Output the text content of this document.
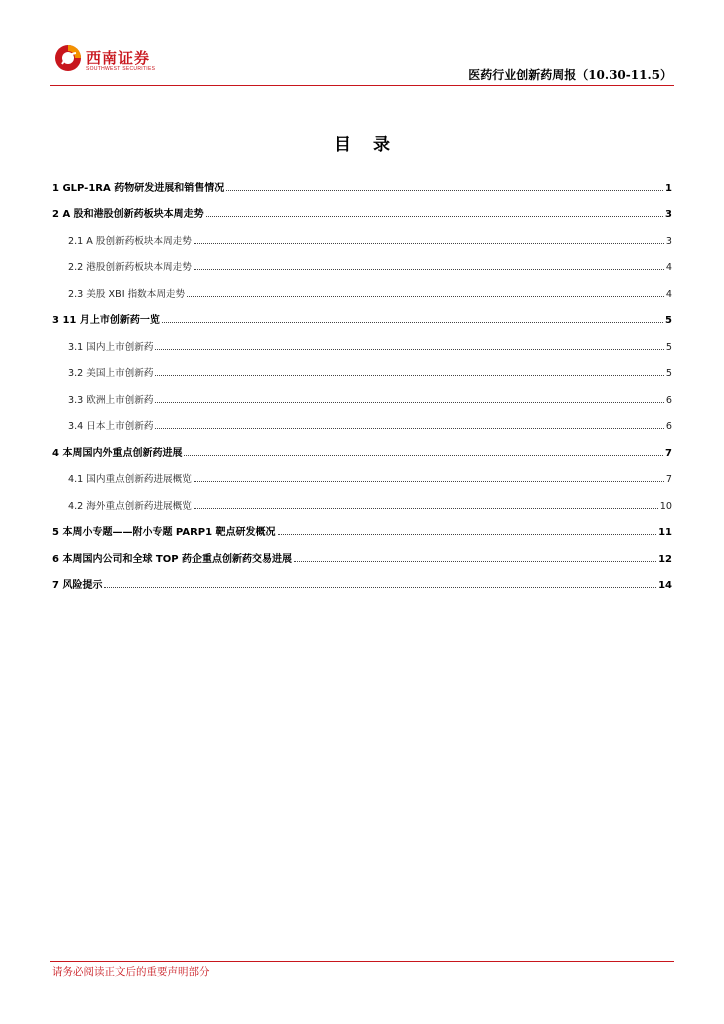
西南证券
SOUTHWEST SECURITIES	医药行业创新药周报（10.30-11.5）
目 录
1 GLP-1RA 药物研发进展和销售情况	1
2 A 股和港股创新药板块本周走势	3
2.1 A 股创新药板块本周走势	3
2.2 港股创新药板块本周走势	4
2.3 美股 XBI 指数本周走势	4
3 11 月上市创新药一览	5
3.1 国内上市创新药	5
3.2 美国上市创新药	5
3.3 欧洲上市创新药	6
3.4 日本上市创新药	6
4 本周国内外重点创新药进展	7
4.1 国内重点创新药进展概览	7
4.2 海外重点创新药进展概览	10
5 本周小专题——附小专题 PARP1 靶点研发概况	11
6 本周国内公司和全球 TOP 药企重点创新药交易进展	12
7 风险提示	14
请务必阅读正文后的重要声明部分
